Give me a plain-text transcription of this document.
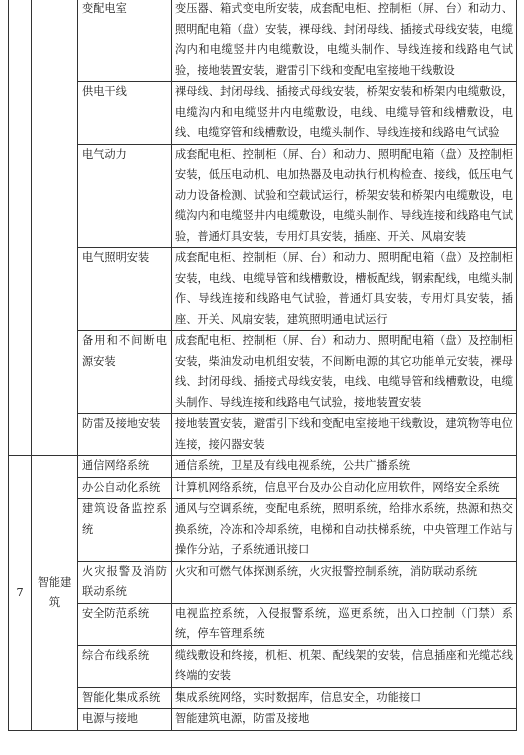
		变配电室	变压器、箱式变电所安装，成套配电柜、控制柜（屏、台）和动力、照明配电箱（盘）安装，裸母线、封闭母线、插接式母线安装，电缆沟内和电缆竖井内电缆敷设，电缆头制作、导线连接和线路电气试验，接地装置安装，避雷引下线和变配电室接地干线敷设
		供电干线	裸母线、封闭母线、插接式母线安装，桥架安装和桥架内电缆敷设，电缆沟内和电缆竖井内电缆敷设，电线、电缆导管和线槽敷设，电线、电缆穿管和线槽敷设，电缆头制作、导线连接和线路电气试验
		电气动力	成套配电柜、控制柜（屏、台）和动力、照明配电箱（盘）及控制柜安装，低压电动机、电加热器及电动执行机构检查、接线，低压电气动力设备检测、试验和空载试运行，桥架安装和桥架内电缆敷设，电缆沟内和电缆竖井内电缆敷设，电缆头制作、导线连接和线路电气试验，普通灯具安装，专用灯具安装，插座、开关、风扇安装
		电气照明安装	成套配电柜、控制柜（屏、台）和动力、照明配电箱（盘）及控制柜安装，电线、电缆导管和线槽敷设，槽板配线，钢索配线，电缆头制作、导线连接和线路电气试验，普通灯具安装，专用灯具安装，插座、开关、风扇安装，建筑照明通电试运行
		备用和不间断电源安装	成套配电柜、控制柜（屏、台）和动力、照明配电箱（盘）及控制柜安装，柴油发动电机组安装，不间断电源的其它功能单元安装，裸母线、封闭母线、插接式母线安装，电线、电缆导管和线槽敷设，电缆头制作、导线连接和线路电气试验，接地装置安装
		防雷及接地安装	接地装置安装，避雷引下线和变配电室接地干线敷设，建筑物等电位连接，接闪器安装
7	智能建筑	通信网络系统	通信系统，卫星及有线电视系统，公共广播系统
		办公自动化系统	计算机网络系统，信息平台及办公自动化应用软件，网络安全系统
		建筑设备监控系统	通风与空调系统，变配电系统，照明系统，给排水系统，热源和热交换系统，冷冻和冷却系统，电梯和自动扶梯系统，中央管理工作站与操作分站，子系统通讯接口
		火灾报警及消防联动系统	火灾和可燃气体探测系统，火灾报警控制系统，消防联动系统
		安全防范系统	电视监控系统，入侵报警系统，巡更系统，出入口控制（门禁）系统，停车管理系统
		综合布线系统	缆线敷设和终接，机柜、机架、配线架的安装，信息插座和光缆芯线终端的安装
		智能化集成系统	集成系统网络，实时数据库，信息安全，功能接口
		电源与接地	智能建筑电源，防雷及接地
